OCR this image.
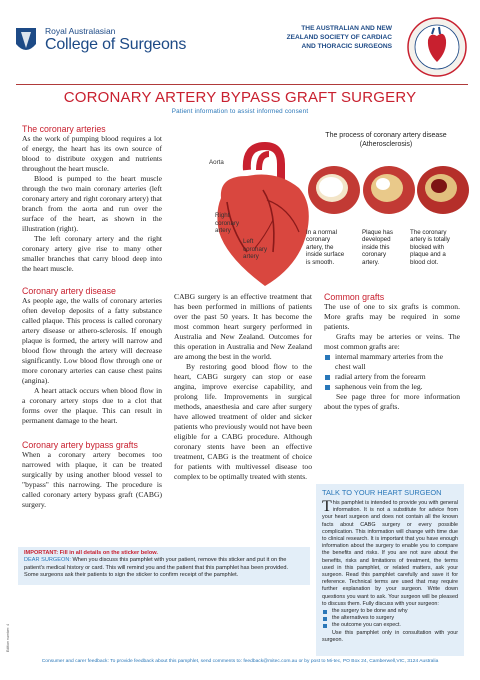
Royal Australasian
College of Surgeons
THE AUSTRALIAN AND NEW
ZEALAND SOCIETY OF CARDIAC
AND THORACIC SURGEONS
CORONARY ARTERY BYPASS GRAFT SURGERY
Patient information to assist informed consent
The coronary arteries

As the work of pumping blood requires a lot of energy, the heart has its own source of blood to distribute oxygen and nutrients throughout the heart muscle.

Blood is pumped to the heart muscle through the two main coronary arteries (left coronary artery and right coronary artery) that branch from the aorta and run over the surface of the heart, as shown in the illustration (right).

The left coronary artery and the right coronary artery give rise to many other smaller branches that carry blood deep into the heart muscle.

Coronary artery disease

As people age, the walls of coronary arteries often develop deposits of a fatty substance called plaque. This process is called coronary artery disease or athero-sclerosis. If enough plaque is formed, the artery will narrow and blood flow through the artery will decrease significantly. Low blood flow through one or more coronary arteries can cause chest pains (angina).

A heart attack occurs when blood flow in a coronary artery stops due to a clot that forms over the plaque. This can result in permanent damage to the heart.

Coronary artery bypass grafts

When a coronary artery becomes too narrowed with plaque, it can be treated surgically by using another blood vessel to "bypass" this narrowing. The procedure is called coronary artery bypass graft (CABG) surgery.

Aorta
Right
coronary
artery
Left
coronary
artery
The process of coronary artery disease
(Atherosclerosis)
In a normal
coronary
artery, the
inside surface
is smooth.
Plaque has
developed
inside this
coronary
artery.
The coronary
artery is totally
blocked with
plaque and a
blood clot.

CABG surgery is an effective treatment that has been performed in millions of patients over the past 50 years. It has become the most common heart surgery performed in Australia and New Zealand. Outcomes for this operation in Australia and New Zealand are among the best in the world.

By restoring good blood flow to the heart, CABG surgery can stop or ease angina, improve exercise capability, and prolong life. Improvements in surgical methods, anaesthesia and care after surgery have allowed treatment of older and sicker patients who previously would not have been eligible for a CABG procedure. Although coronary stents have been an effective treatment, CABG is the treatment of choice for patients with multivessel disease too complex to be optimally treated with stents.

Common grafts

The use of one to six grafts is common. More grafts may be required in some patients.

Grafts may be arteries or veins. The most common grafts are:

internal mammary arteries from the chest wall
radial artery from the forearm
saphenous vein from the leg.

See page three for more information about the types of grafts.

TALK TO YOUR HEART SURGEON
This pamphlet is intended to provide you with general information. It is not a substitute for advice from your heart surgeon and does not contain all the known facts about CABG surgery or every possible complication. This information will change with time due to clinical research. It is important that you have enough information about the surgery to enable you to compare the benefits and risks. If you are not sure about the benefits, risks and limitations of treatment, the terms used in this pamphlet, or related matters, ask your surgeon. Read this pamphlet carefully and save it for reference. Technical terms are used that may require further explanation by your surgeon. Write down questions you want to ask. Your surgeon will be pleased to discuss them. Fully discuss with your surgeon:
the surgery to be done and why
the alternatives to surgery
the outcome you can expect.
Use this pamphlet only in consultation with your surgeon.
IMPORTANT: Fill in all details on the sticker below.
DEAR SURGEON: When you discuss this pamphlet with your patient, remove this sticker and put it on the patient's medical history or card. This will remind you and the patient that this pamphlet has been provided. Some surgeons ask their patients to sign the sticker to confirm receipt of the pamphlet.
Edition number: 4
Consumer and carer feedback: To provide feedback about this pamphlet, send comments to: feedback@mitec.com.au or by post to Mi-tec, PO Box 24, Camberwell,VIC, 3124 Australia
